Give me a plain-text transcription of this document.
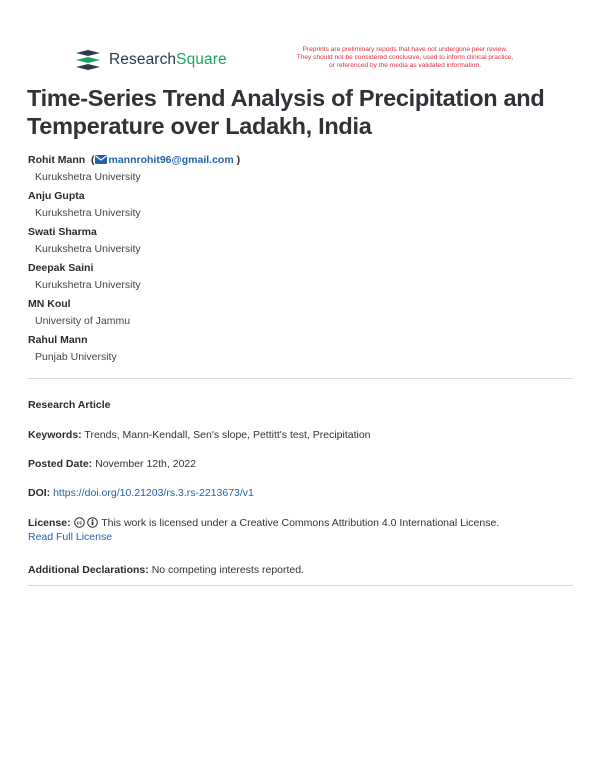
ResearchSquare
Preprints are preliminary reports that have not undergone peer review.
They should not be considered conclusive, used to inform clinical practice,
or referenced by the media as validated information.
Time-Series Trend Analysis of Precipitation and Temperature over Ladakh, India
Rohit Mann  ( mannrohit96@gmail.com )
Kurukshetra University
Anju Gupta
Kurukshetra University
Swati Sharma
Kurukshetra University
Deepak Saini
Kurukshetra University
MN Koul
University of Jammu
Rahul Mann
Punjab University
Research Article
Keywords: Trends, Mann-Kendall, Sen's slope, Pettitt's test, Precipitation
Posted Date: November 12th, 2022
DOI: https://doi.org/10.21203/rs.3.rs-2213673/v1
License: cc This work is licensed under a Creative Commons Attribution 4.0 International License.
Read Full License
Additional Declarations: No competing interests reported.
